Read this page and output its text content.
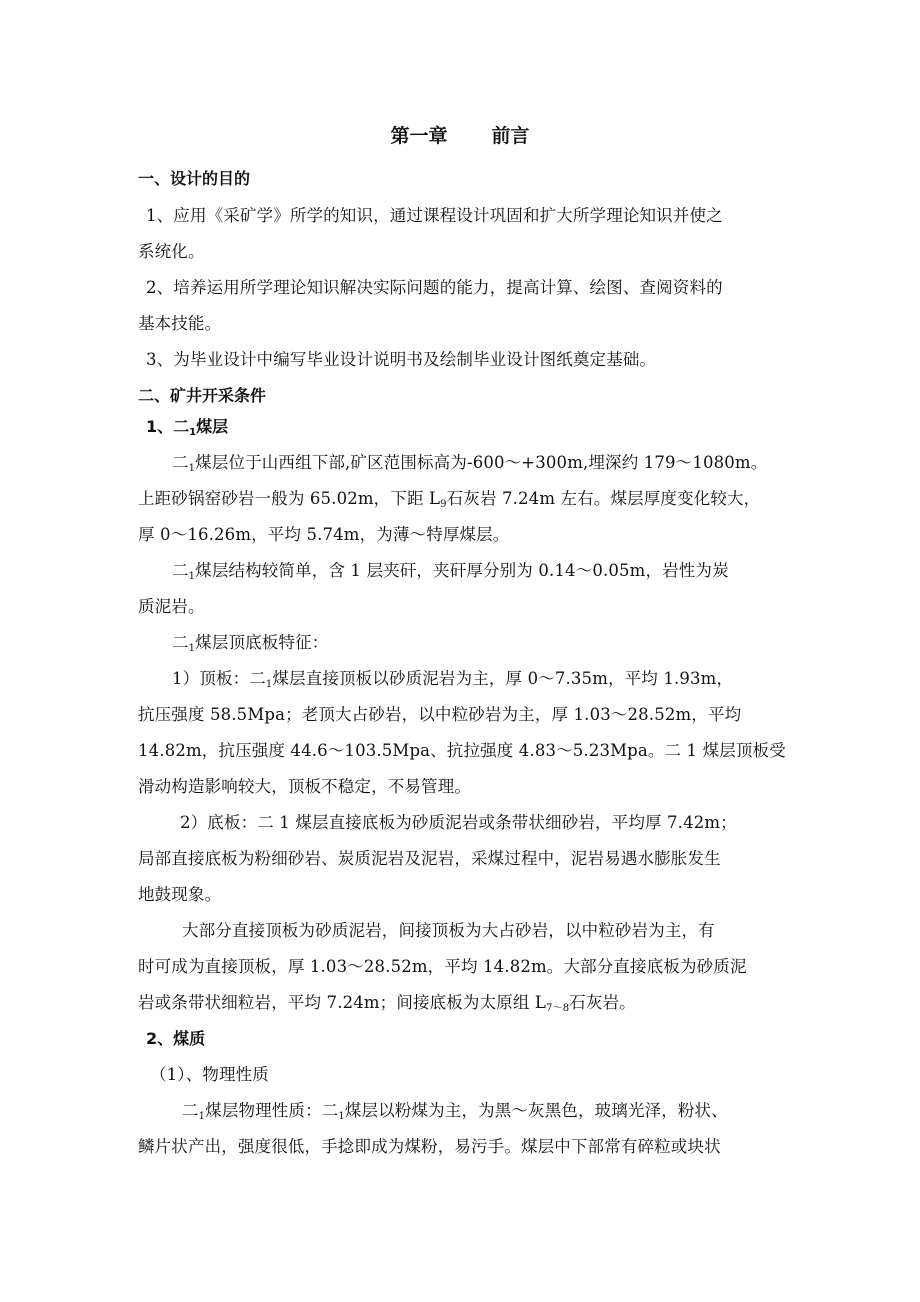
第一章 前言
一、设计的目的
1、应用《采矿学》所学的知识，通过课程设计巩固和扩大所学理论知识并使之
系统化。
2、培养运用所学理论知识解决实际问题的能力，提高计算、绘图、查阅资料的
基本技能。
3、为毕业设计中编写毕业设计说明书及绘制毕业设计图纸奠定基础。
二、矿井开采条件
1、二$_1$煤层
二$_1$煤层位于山西组下部,矿区范围标高为-600～+300m,埋深约 179～1080m。
上距砂锅窑砂岩一般为 65.02m，下距 $L_9$石灰岩 7.24m 左右。煤层厚度变化较大，
厚 0～16.26m，平均 5.74m，为薄～特厚煤层。
二$_1$煤层结构较简单，含 1 层夹矸，夹矸厚分别为 0.14～0.05m，岩性为炭
质泥岩。
二$_1$煤层顶底板特征：
1）顶板：二$_1$煤层直接顶板以砂质泥岩为主，厚 0～7.35m，平均 1.93m，
抗压强度 58.5Mpa；老顶大占砂岩，以中粒砂岩为主，厚 1.03～28.52m，平均
14.82m，抗压强度 44.6～103.5Mpa、抗拉强度 4.83～5.23Mpa。二 1 煤层顶板受
滑动构造影响较大，顶板不稳定，不易管理。
2）底板：二 1 煤层直接底板为砂质泥岩或条带状细砂岩，平均厚 7.42m；
局部直接底板为粉细砂岩、炭质泥岩及泥岩，采煤过程中，泥岩易遇水膨胀发生
地鼓现象。
大部分直接顶板为砂质泥岩，间接顶板为大占砂岩，以中粒砂岩为主，有
时可成为直接顶板，厚 1.03～28.52m，平均 14.82m。大部分直接底板为砂质泥
岩或条带状细粒岩，平均 7.24m；间接底板为太原组 $L_{7\sim 8}$石灰岩。
2、煤质
（1）、物理性质
二$_1$煤层物理性质：二$_1$煤层以粉煤为主，为黑～灰黑色，玻璃光泽，粉状、
鳞片状产出，强度很低，手捻即成为煤粉，易污手。煤层中下部常有碎粒或块状
